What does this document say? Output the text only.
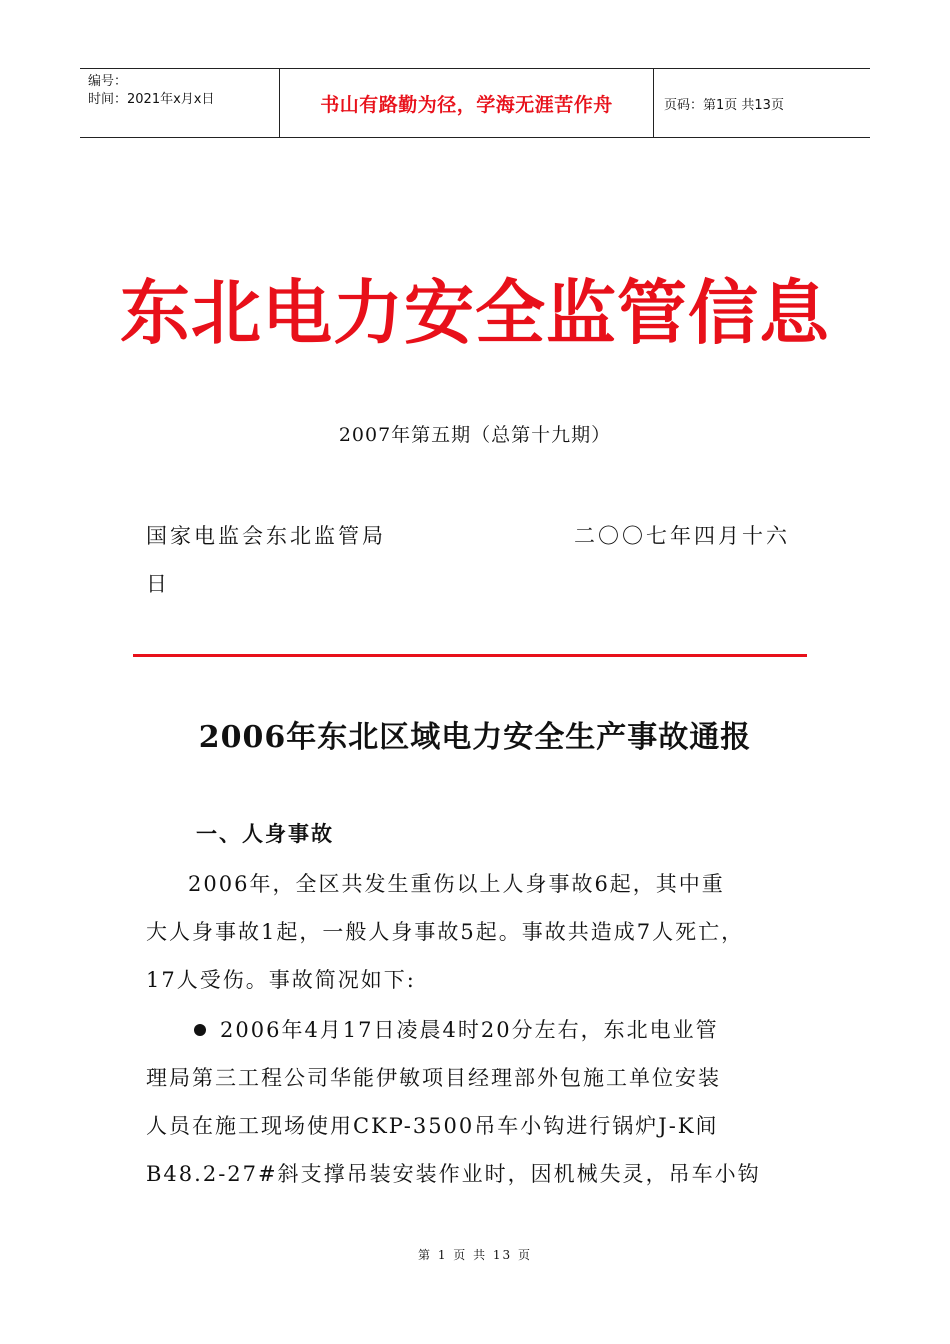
编号：
时间：2021年x月x日	书山有路勤为径，学海无涯苦作舟	页码：第1页 共13页
东北电力安全监管信息
2007年第五期（总第十九期）
国家电监会东北监管局	二〇〇七年四月十六
日
2006年东北区域电力安全生产事故通报
一、人身事故
2006年，全区共发生重伤以上人身事故6起，其中重
大人身事故1起，一般人身事故5起。事故共造成7人死亡，
17人受伤。事故简况如下:
2006年4月17日凌晨4时20分左右，东北电业管
理局第三工程公司华能伊敏项目经理部外包施工单位安装
人员在施工现场使用CKP-3500吊车小钩进行锅炉J-K间
B48.2-27#斜支撑吊装安装作业时，因机械失灵，吊车小钩
第 1 页 共 13 页
